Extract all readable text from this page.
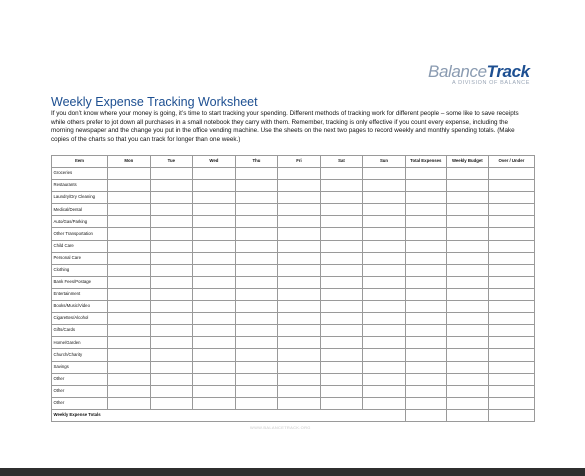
BalanceTrack
A DIVISION OF BALANCE
Weekly Expense Tracking Worksheet
If you don’t know where your money is going, it’s time to start tracking your spending. Different methods of tracking work for different people – some like to save receipts while others prefer to jot down all purchases in a small notebook they carry with them. Remember, tracking is only effective if you count every expense, including the morning newspaper and the change you put in the office vending machine. Use the sheets on the next two pages to record weekly and monthly spending totals. (Make copies of the charts so that you can track for longer than one week.)
Item	Mon	Tue	Wed	Thu	Fri	Sat	Sun	Total Expenses	Weekly Budget	Over / Under
Groceries										
Restaurants										
Laundry/Dry Cleaning										
Medical/Dental										
Auto/Gas/Parking										
Other Transportation										
Child Care										
Personal Care										
Clothing										
Bank Fees/Postage										
Entertainment										
Books/Music/Video										
Cigarettes/Alcohol										
Gifts/Cards										
Home/Garden										
Church/Charity										
Savings										
Other										
Other										
Other										
Weekly Expense Totals										
WWW.BALANCETRACK.ORG
